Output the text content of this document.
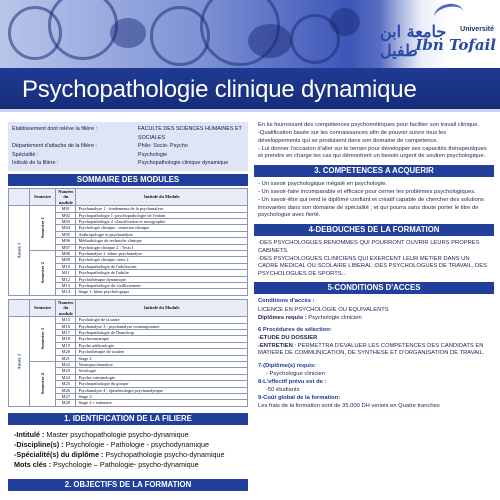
جامعة ابن طفيل
Université
Ibn Tofail
Psychopathologie clinique dynamique
Etablissement dont relève la filière :	FACULTE DES SCIENCES HUMAINES ET SOCIALES
Département d'attache de la filière :	Philo- Socio- Psycho
Spécialité :	Psychologie
Intitulé de la filière :	Psychopathologie clinique dynamique
SOMMAIRE DES MODULES
	Semestre	Numéro du module	Intitulé du Module
Année 1	Semestre 1	M01	Psychanalyse 1 : fondements de la psychanalyse
		M02	Psychopathologie 1 :psychopathologie de l'enfant
		M03	Psychopathologie 2 :classification et nosographie
		M04	Psychologie clinique : entretien clinique
		M05	Anthropologie et psychanalyse
		M06	Méthodologie de recherche clinique
		M07	Psychologie clinique 2 : Tests I
	Semestre 2	M08	Psychanalyse 2 :ethno psychanalyse
		M09	Psychologie clinique :tests 2
		M10	Psychopathologie de l'adolescent
		M11	Psychopathologie de l'adulte
		M12	Psychothérapie dynamique
		M13	Psychopathologie du vieillissement
		M14	Stage 1: bilan psychologique
	Semestre	Numéro du module	Intitulé du Module
Année 2	Semestre 3	M15	Psychologie de la santé
		M16	Psychanalyse 3 : psychanalyse contemporaine
		M17	Psychopathologie de l'handicap
		M18	Psychosomatique
		M19	Psycho addictologie
		M20	Psychothérapie de soutien
		M21	Stage 2
	Semestre 4	M22	Neuropsychanalyse
		M23	Sexologie
		M24	Psycho-criminologie
		M25	Psychopathologie du groupe
		M26	Psychanalyse 4 : épistémologie psychanalytique
		M27	Stage 3
		M28	Stage 4 + mémoire
1. IDENTIFICATION DE LA FILIERE

-Intitulé : Master psychopathologie psycho-dynamique

-Discipline(s) : Psychologie - Pathologie - psychodynamique

-Spécialité(s) du diplôme : Psychopathologie psycho-dynamique

Mots clés : Psychologie – Pathologie- psycho-dynamique

2. OBJECTIFS DE LA FORMATION

En lui fournissant des compétences psychométriques pour faciliter son travail clinique.

-Qualification basée sur les connaissances afin de pouvoir suivre tous les développements qui se produisent dans son domaine de compétence.

- Lui donner l'occasion d'aller sur le terrain pour développer ses capacités thérapeutiques et prendre en charge les cas qui démontrent un besoin urgent de soutien psychologique.

3. COMPETENCES A ACQUERIR

- Un savoir psychologique inégalé en psychologie.

- Un savoir-faire incomparable et efficace pour cerner les problèmes psychologiques.

- Un savoir-être qui rend le diplômé confiant et créatif capable de chercher des solutions innovantes dans son domaine de spécialité ; et qui pourra sans doute porter le titre de psychologue avec fierté.

4-DEBOUCHES DE LA FORMATION

-DES PSYCHOLOGUES RENOMMES QUI POURRONT OUVRIR LEURS PROPRES CABINETS.

-DES PSYCHOLOGUES CLINICIENS QUI EXERCENT LEUR METIER DANS UN CADRE MEDICAL OU SCOLAIRE LIBERAL :DES PSYCHOLOGUES DE TRAVAIL, DES PSYCHOLOGUES DE SPORTS...

5-CONDITIONS D'ACCES

Conditions d'accès :

LICENCE EN PSYCHOLOGIE OU EQUIVALENTS

Diplômes requis : Psychologie clinicien

6 Procédures de sélection:

-ETUDE DU DOSSIER

-ENTRETIEN : PERMETTRA D'EVALUER LES COMPETENCES DES CANDIDATS EN MATIERE DE COMMUNICATION, DE SYNTHESE ET D'ORGANISATION DE TRAVAIL.

7-(Diplôme(s) requis:

- Psychologue clinicien

8-L'effectif prévu est de :

-50 étudiants

9-Coût global de la formation:

Les frais de la formation sont de 35.000 DH versés en Quatre tranches
